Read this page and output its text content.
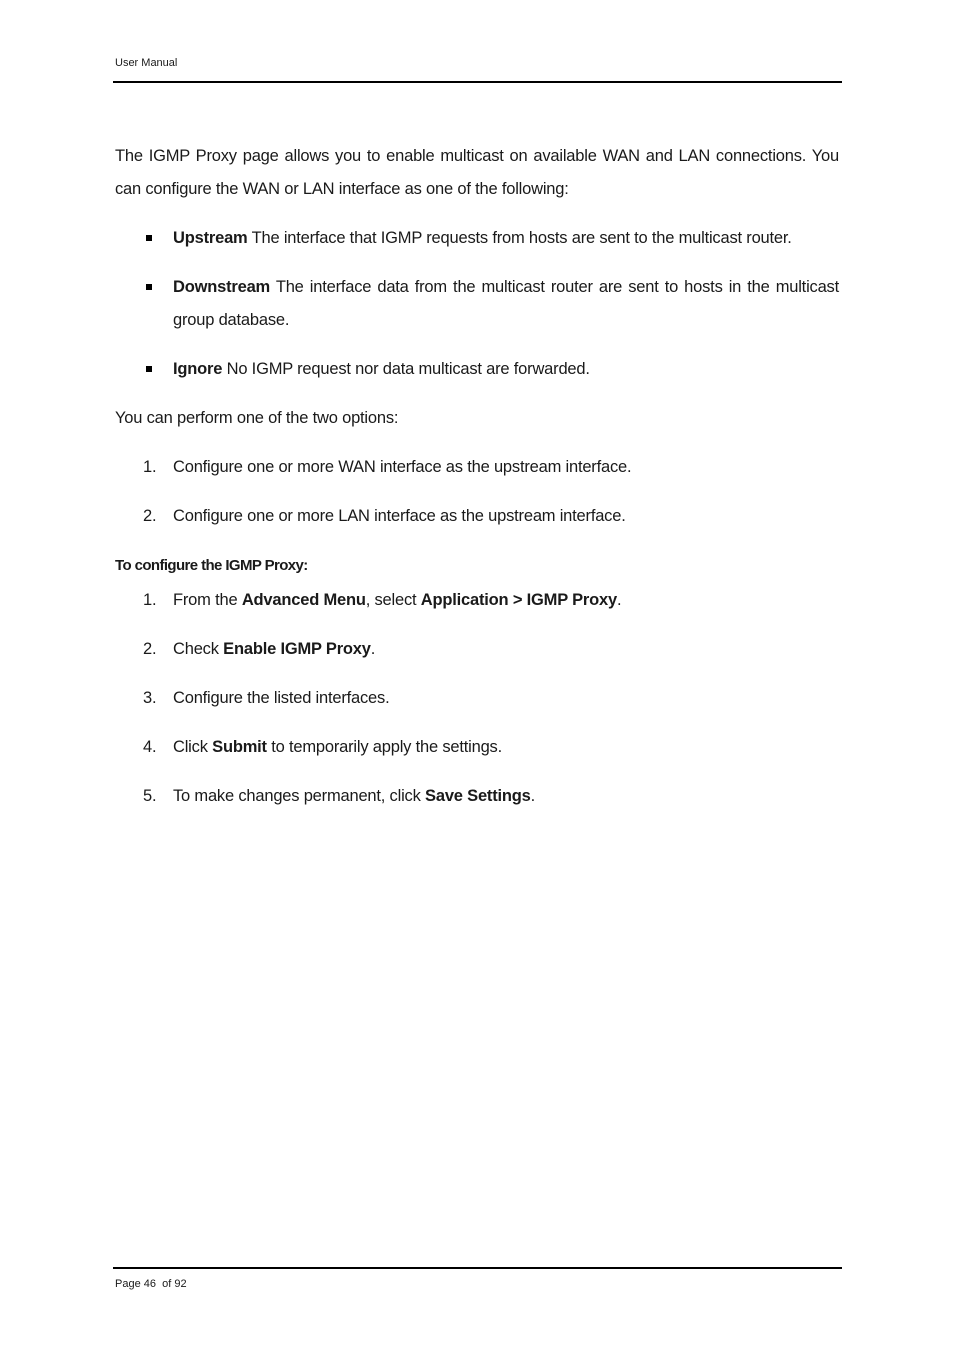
User Manual

The IGMP Proxy page allows you to enable multicast on available WAN and LAN connections. You can configure the WAN or LAN interface as one of the following:

Upstream The interface that IGMP requests from hosts are sent to the multicast router.
Downstream The interface data from the multicast router are sent to hosts in the multicast group database.
Ignore No IGMP request nor data multicast are forwarded.

You can perform one of the two options:

1. Configure one or more WAN interface as the upstream interface.
2. Configure one or more LAN interface as the upstream interface.

To configure the IGMP Proxy:

1. From the Advanced Menu, select Application > IGMP Proxy.
2. Check Enable IGMP Proxy.
3. Configure the listed interfaces.
4. Click Submit to temporarily apply the settings.
5. To make changes permanent, click Save Settings.
Page 46  of 92
